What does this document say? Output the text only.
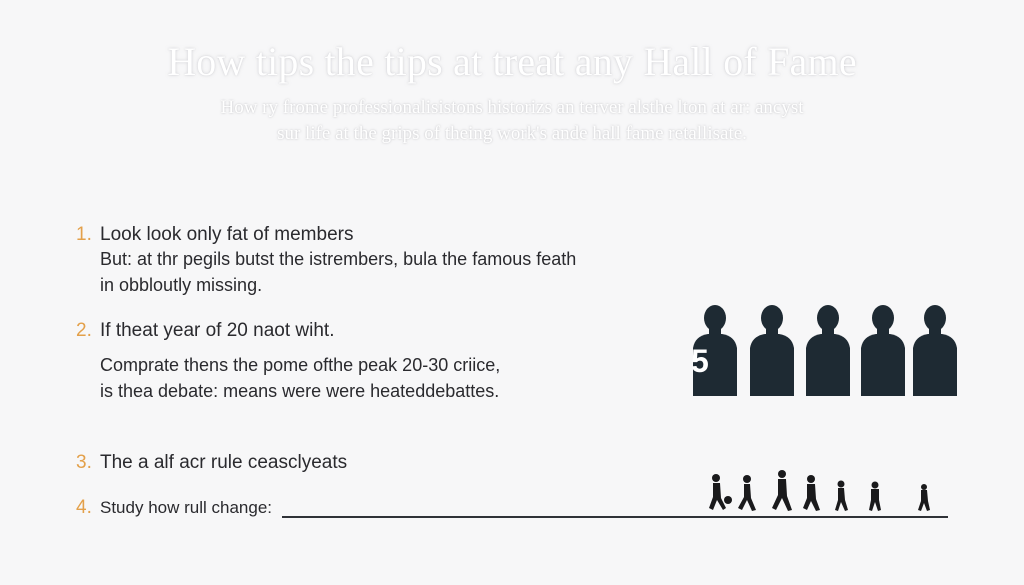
How tips the tips at treat any Hall of Fame
How ry frome professionalisistons historizs an terver alsthe lton at ar: ancyst
sur life at the grips of theing work's ande hall fame retallisate.
1. Look look only fat of members
But: at thr pegils butst the istrembers, bula the famous feath
in obbloutly missing.
2. If theat year of 20 naot wiht.
Comprate thens the pome ofthe peak 20-30 criice,
is thea debate: means were were heateddebattes.
3. The a alf acr rule ceasclyeats
4. Study how rull change:
5
